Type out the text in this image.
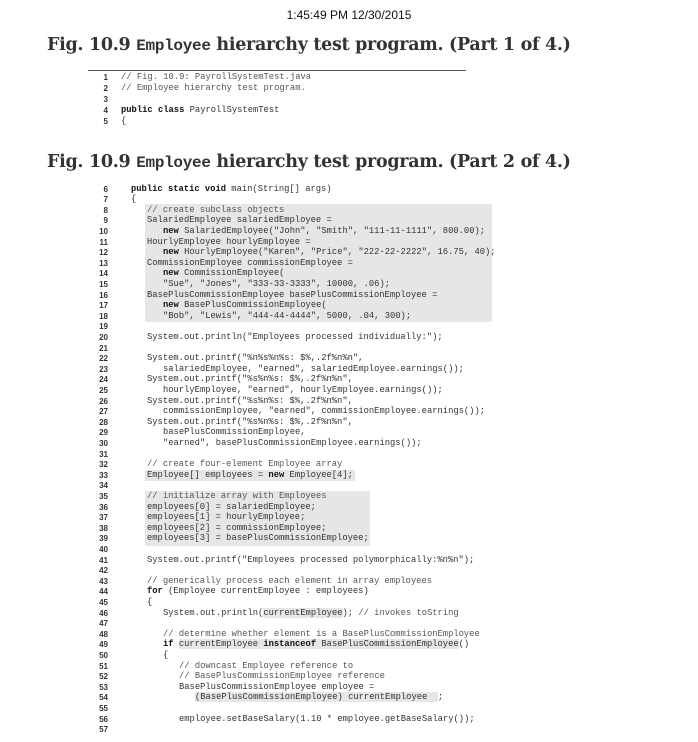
1:45:49 PM 12/30/2015
Fig. 10.9 Employee hierarchy test program. (Part 1 of 4.)
1 // Fig. 10.9: PayrollSystemTest.java
2 // Employee hierarchy test program.
3
4 public class PayrollSystemTest
5 {
Fig. 10.9 Employee hierarchy test program. (Part 2 of 4.)
6	public static void main(String[] args)
7	{
8	// create subclass objects
9	SalariedEmployee salariedEmployee =
10	new SalariedEmployee("John", "Smith", "111-11-1111", 800.00);
11	HourlyEmployee hourlyEmployee =
12	new HourlyEmployee("Karen", "Price", "222-22-2222", 16.75, 40);
13	CommissionEmployee commissionEmployee =
14	new CommissionEmployee(
15	"Sue", "Jones", "333-33-3333", 10000, .06);
16	BasePlusCommissionEmployee basePlusCommissionEmployee =
17	new BasePlusCommissionEmployee(
18	"Bob", "Lewis", "444-44-4444", 5000, .04, 300);
19
20	System.out.println("Employees processed individually:");
21
22	System.out.printf("%n%s%n%s: $%,.2f%n%n",
23	salariedEmployee, "earned", salariedEmployee.earnings());
24	System.out.printf("%s%n%s: $%,.2f%n%n",
25	hourlyEmployee, "earned", hourlyEmployee.earnings());
26	System.out.printf("%s%n%s: $%,.2f%n%n",
27	commissionEmployee, "earned", commissionEmployee.earnings());
28	System.out.printf("%s%n%s: $%,.2f%n%n",
29	basePlusCommissionEmployee,
30	"earned", basePlusCommissionEmployee.earnings());
31
32	// create four-element Employee array
33	Employee[] employees = new Employee[4];
34
35	// initialize array with Employees
36	employees[0] = salariedEmployee;
37	employees[1] = hourlyEmployee;
38	employees[2] = commissionEmployee;
39	employees[3] = basePlusCommissionEmployee;
40
41	System.out.printf("Employees processed polymorphically:%n%n");
42
43	// generically process each element in array employees
44	for (Employee currentEmployee : employees)
45	{
46	System.out.println(currentEmployee); // invokes toString
47
48	// determine whether element is a BasePlusCommissionEmployee
49	if currentEmployee instanceof BasePlusCommissionEmployee()
50	{
51	// downcast Employee reference to
52	// BasePlusCommissionEmployee reference
53	BasePlusCommissionEmployee employee =
54	(BasePlusCommissionEmployee) currentEmployee  ;
55
56	employee.setBaseSalary(1.10 * employee.getBaseSalary());
57
